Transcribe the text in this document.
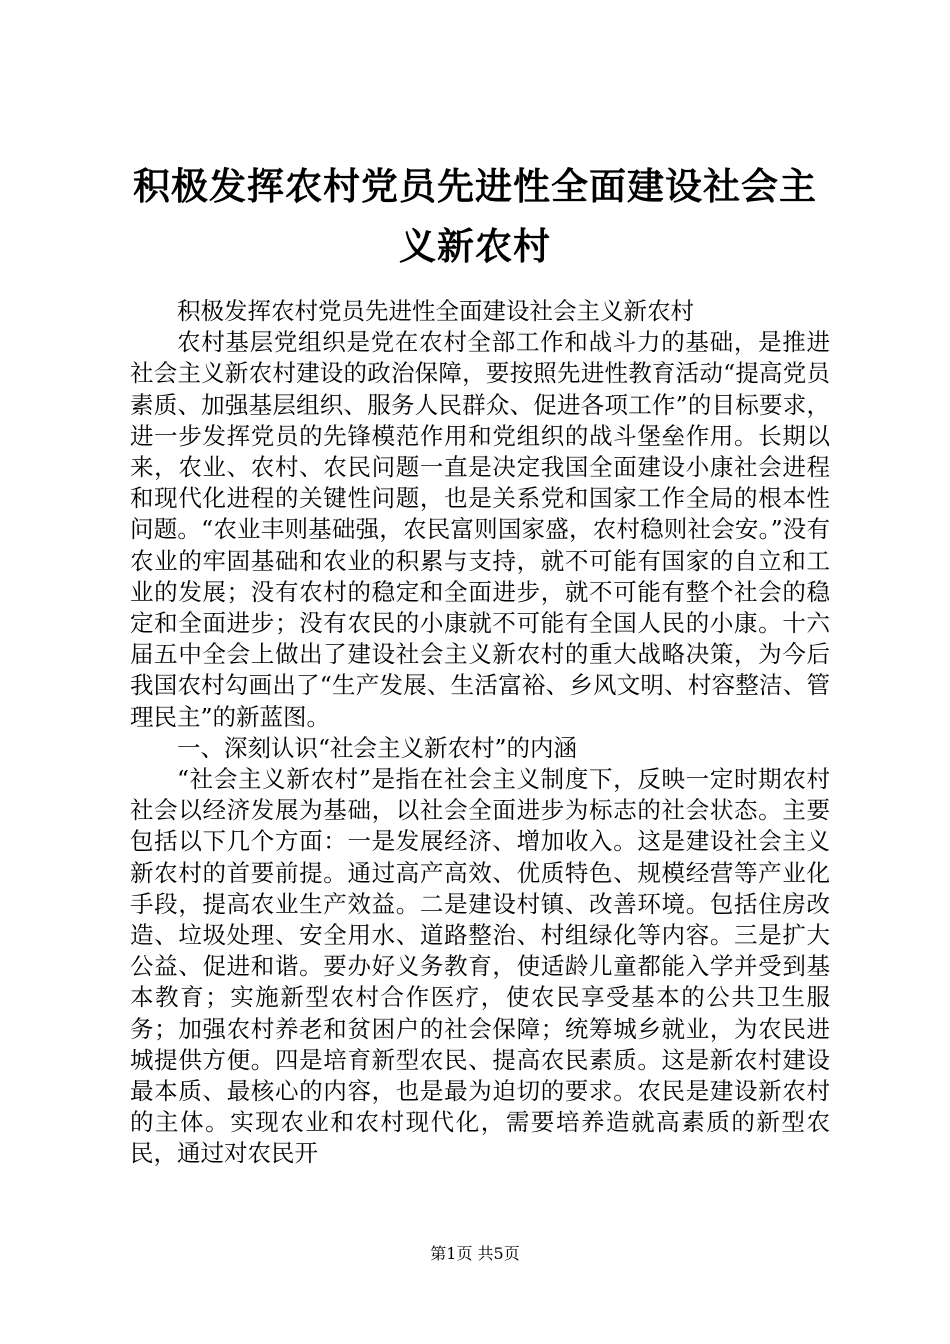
积极发挥农村党员先进性全面建设社会主义新农村

积极发挥农村党员先进性全面建设社会主义新农村

农村基层党组织是党在农村全部工作和战斗力的基础，是推进社会主义新农村建设的政治保障，要按照先进性教育活动“提高党员素质、加强基层组织、服务人民群众、促进各项工作”的目标要求，进一步发挥党员的先锋模范作用和党组织的战斗堡垒作用。长期以来，农业、农村、农民问题一直是决定我国全面建设小康社会进程和现代化进程的关键性问题，也是关系党和国家工作全局的根本性问题。“农业丰则基础强，农民富则国家盛，农村稳则社会安。”没有农业的牢固基础和农业的积累与支持，就不可能有国家的自立和工业的发展；没有农村的稳定和全面进步，就不可能有整个社会的稳定和全面进步；没有农民的小康就不可能有全国人民的小康。十六届五中全会上做出了建设社会主义新农村的重大战略决策，为今后我国农村勾画出了“生产发展、生活富裕、乡风文明、村容整洁、管理民主”的新蓝图。

一、深刻认识“社会主义新农村”的内涵

“社会主义新农村”是指在社会主义制度下，反映一定时期农村社会以经济发展为基础，以社会全面进步为标志的社会状态。主要包括以下几个方面：一是发展经济、增加收入。这是建设社会主义新农村的首要前提。通过高产高效、优质特色、规模经营等产业化手段，提高农业生产效益。二是建设村镇、改善环境。包括住房改造、垃圾处理、安全用水、道路整治、村组绿化等内容。三是扩大公益、促进和谐。要办好义务教育，使适龄儿童都能入学并受到基本教育；实施新型农村合作医疗，使农民享受基本的公共卫生服务；加强农村养老和贫困户的社会保障；统筹城乡就业，为农民进城提供方便。四是培育新型农民、提高农民素质。这是新农村建设最本质、最核心的内容，也是最为迫切的要求。农民是建设新农村的主体。实现农业和农村现代化，需要培养造就高素质的新型农民，通过对农民开

第1页 共5页
